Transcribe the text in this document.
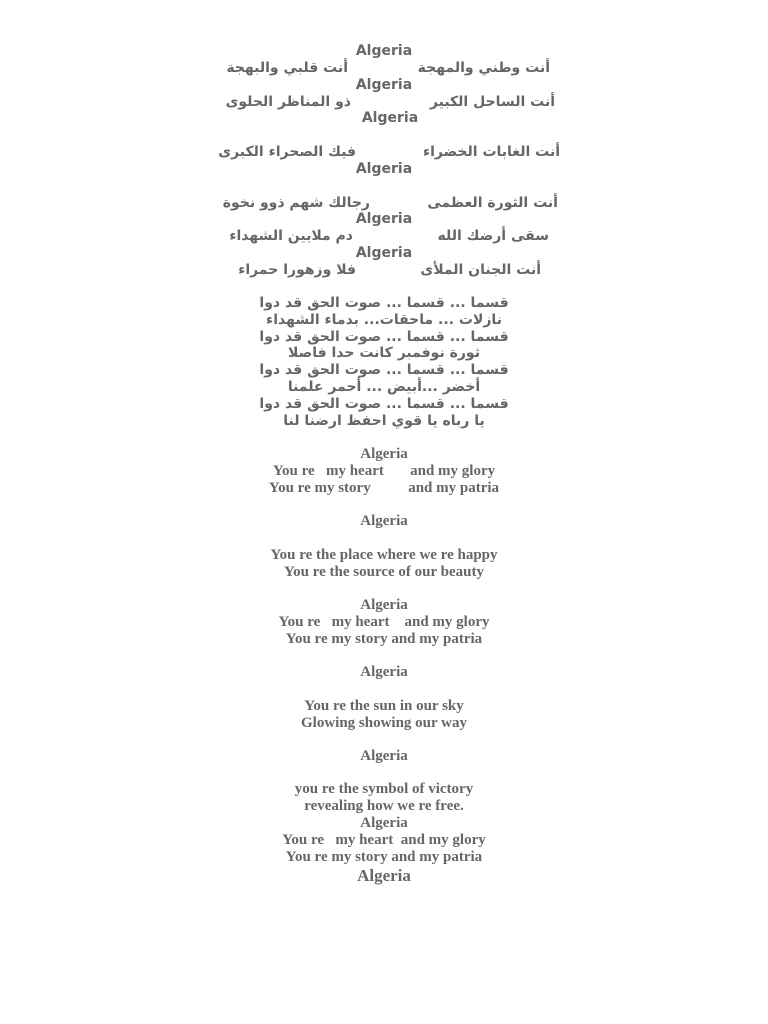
Algeria
أنت وطني والمهجة
أنت قلبي والبهجة
Algeria
أنت الساحل الكبير
ذو المناظر الحلوى
Algeria
أنت الغابات الخضراء
فيك الصحراء الكبرى
Algeria
أنت الثورة العظمى
رجالك شهم ذوو نخوة
Algeria
سقى أرضك الله
دم ملايين الشهداء
Algeria
أنت الجنان الملأى
فلا وزهورا حمراء
قسما ... قسما ... صوت الحق قد دوا
نازلات ... ماحقات... بدماء الشهداء
قسما ... قسما ... صوت الحق قد دوا
ثورة نوفمبر كانت حدا فاصلا
قسما ... قسما ... صوت الحق قد دوا
أخضر ...أبيض ... أحمر علمنا
قسما ... قسما ... صوت الحق قد دوا
يا رباه يا قوي احفظ ارضنا لنا
Algeria
You re   my heart       and my glory
You re my story          and my patria
Algeria
You re the place where we re happy
You re the source of our beauty
Algeria
You re   my heart    and my glory
You re my story and my patria
Algeria
You re the sun in our sky
Glowing showing our way
Algeria
you re the symbol of victory
revealing how we re free.
Algeria
You re   my heart  and my glory
You re my story and my patria
Algeria
